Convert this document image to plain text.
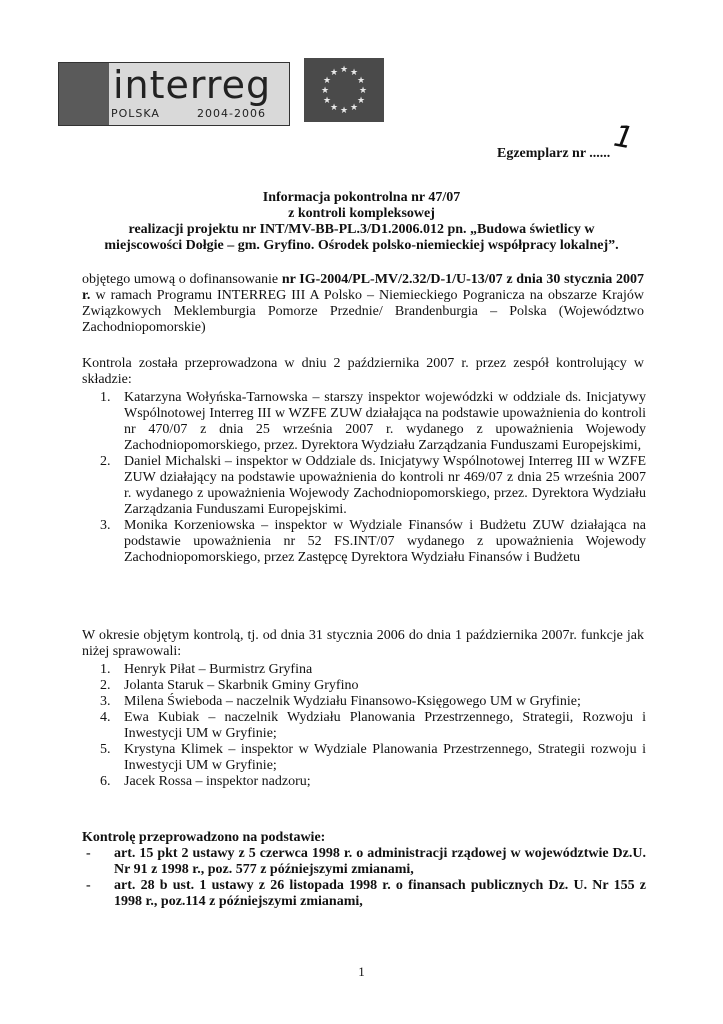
interreg
POLSKA	2004-2006
★ ★
★
★
★
★
★
★
★
★
★
★
Egzemplarz nr ...... 1
Informacja pokontrolna nr 47/07
z kontroli kompleksowej
realizacji projektu nr INT/MV-BB-PL.3/D1.2006.012 pn. „Budowa świetlicy w
miejscowości Dołgie – gm. Gryfino. Ośrodek polsko-niemieckiej współpracy lokalnej”.
objętego umową o dofinansowanie nr IG-2004/PL-MV/2.32/D-1/U-13/07 z dnia 30 stycznia 2007 r. w ramach Programu INTERREG III A Polsko – Niemieckiego Pogranicza na obszarze Krajów Związkowych Meklemburgia Pomorze Przednie/ Brandenburgia – Polska (Województwo Zachodniopomorskie)
Kontrola została przeprowadzona w dniu 2 października 2007 r. przez zespół kontrolujący w składzie:
1. Katarzyna Wołyńska-Tarnowska – starszy inspektor wojewódzki w oddziale ds. Inicjatywy Wspólnotowej Interreg III w WZFE ZUW działająca na podstawie upoważnienia do kontroli nr 470/07 z dnia 25 września 2007 r. wydanego z upoważnienia Wojewody Zachodniopomorskiego, przez. Dyrektora Wydziału Zarządzania Funduszami Europejskimi,
2. Daniel Michalski – inspektor w Oddziale ds. Inicjatywy Wspólnotowej Interreg III w WZFE ZUW działający na podstawie upoważnienia do kontroli nr 469/07 z dnia 25 września 2007 r. wydanego z upoważnienia Wojewody Zachodniopomorskiego, przez. Dyrektora Wydziału Zarządzania Funduszami Europejskimi.
3. Monika Korzeniowska – inspektor w Wydziale Finansów i Budżetu ZUW działająca na podstawie upoważnienia nr 52 FS.INT/07 wydanego z upoważnienia Wojewody Zachodniopomorskiego, przez Zastępcę Dyrektora Wydziału Finansów i Budżetu
W okresie objętym kontrolą, tj. od dnia 31 stycznia 2006 do dnia 1 października 2007r. funkcje jak niżej sprawowali:
1. Henryk Piłat – Burmistrz Gryfina
2. Jolanta Staruk – Skarbnik Gminy Gryfino
3. Milena Świeboda – naczelnik Wydziału Finansowo-Księgowego UM w Gryfinie;
4. Ewa Kubiak – naczelnik Wydziału Planowania Przestrzennego, Strategii, Rozwoju i Inwestycji UM w Gryfinie;
5. Krystyna Klimek – inspektor w Wydziale Planowania Przestrzennego, Strategii rozwoju i Inwestycji UM w Gryfinie;
6. Jacek Rossa – inspektor nadzoru;
Kontrolę przeprowadzono na podstawie:
-	art. 15 pkt 2 ustawy z 5 czerwca 1998 r. o administracji rządowej w województwie Dz.U. Nr 91 z 1998 r., poz. 577 z późniejszymi zmianami,
-	art. 28 b ust. 1 ustawy z 26 listopada 1998 r. o finansach publicznych Dz. U. Nr 155 z 1998 r., poz.114 z późniejszymi zmianami,
1
